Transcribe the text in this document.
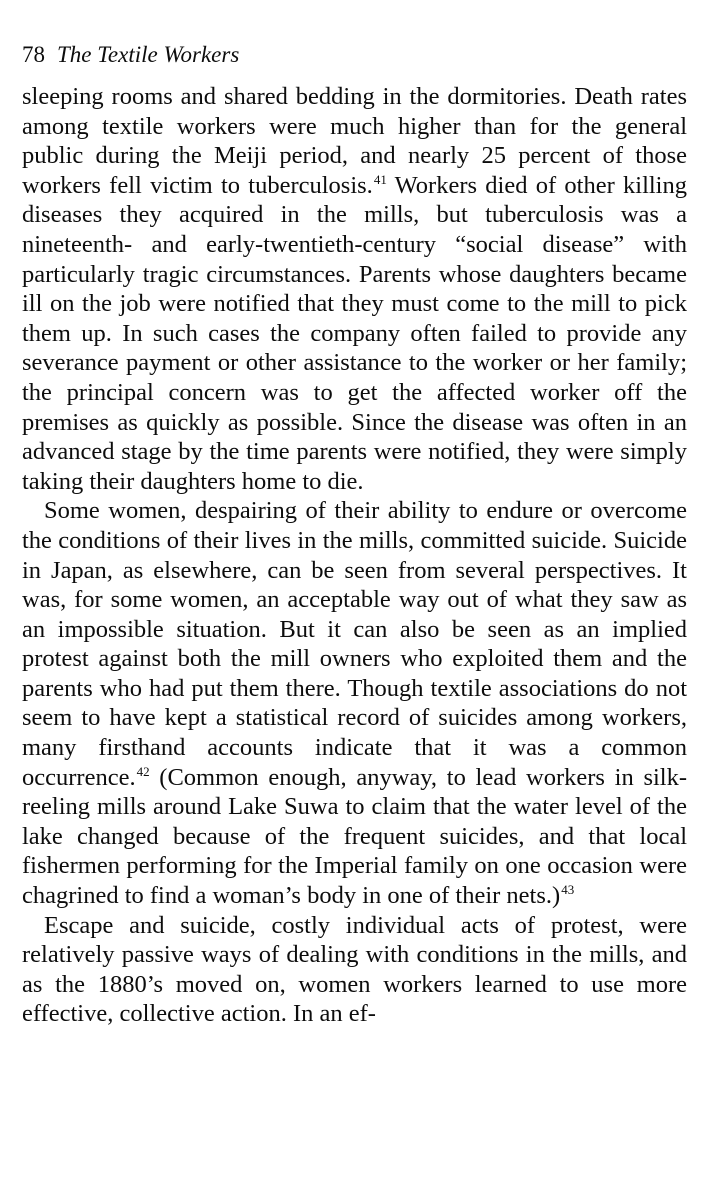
78 The Textile Workers

sleeping rooms and shared bedding in the dormitories. Death rates among textile workers were much higher than for the general public during the Meiji period, and nearly 25 percent of those workers fell victim to tuberculosis.$^{41}$ Workers died of other killing diseases they acquired in the mills, but tuberculosis was a nineteenth- and early-twentieth-century “social disease” with particularly tragic circumstances. Parents whose daughters became ill on the job were notified that they must come to the mill to pick them up. In such cases the company often failed to provide any severance payment or other assistance to the worker or her family; the principal concern was to get the affected worker off the premises as quickly as possible. Since the disease was often in an advanced stage by the time parents were notified, they were simply taking their daughters home to die.

Some women, despairing of their ability to endure or overcome the conditions of their lives in the mills, committed suicide. Suicide in Japan, as elsewhere, can be seen from several perspectives. It was, for some women, an acceptable way out of what they saw as an impossible situation. But it can also be seen as an implied protest against both the mill owners who exploited them and the parents who had put them there. Though textile associations do not seem to have kept a statistical record of suicides among workers, many firsthand accounts indicate that it was a common occurrence.$^{42}$ (Common enough, anyway, to lead workers in silk-reeling mills around Lake Suwa to claim that the water level of the lake changed because of the frequent suicides, and that local fishermen performing for the Imperial family on one occasion were chagrined to find a woman’s body in one of their nets.)$^{43}$

Escape and suicide, costly individual acts of protest, were relatively passive ways of dealing with conditions in the mills, and as the 1880’s moved on, women workers learned to use more effective, collective action. In an ef-
